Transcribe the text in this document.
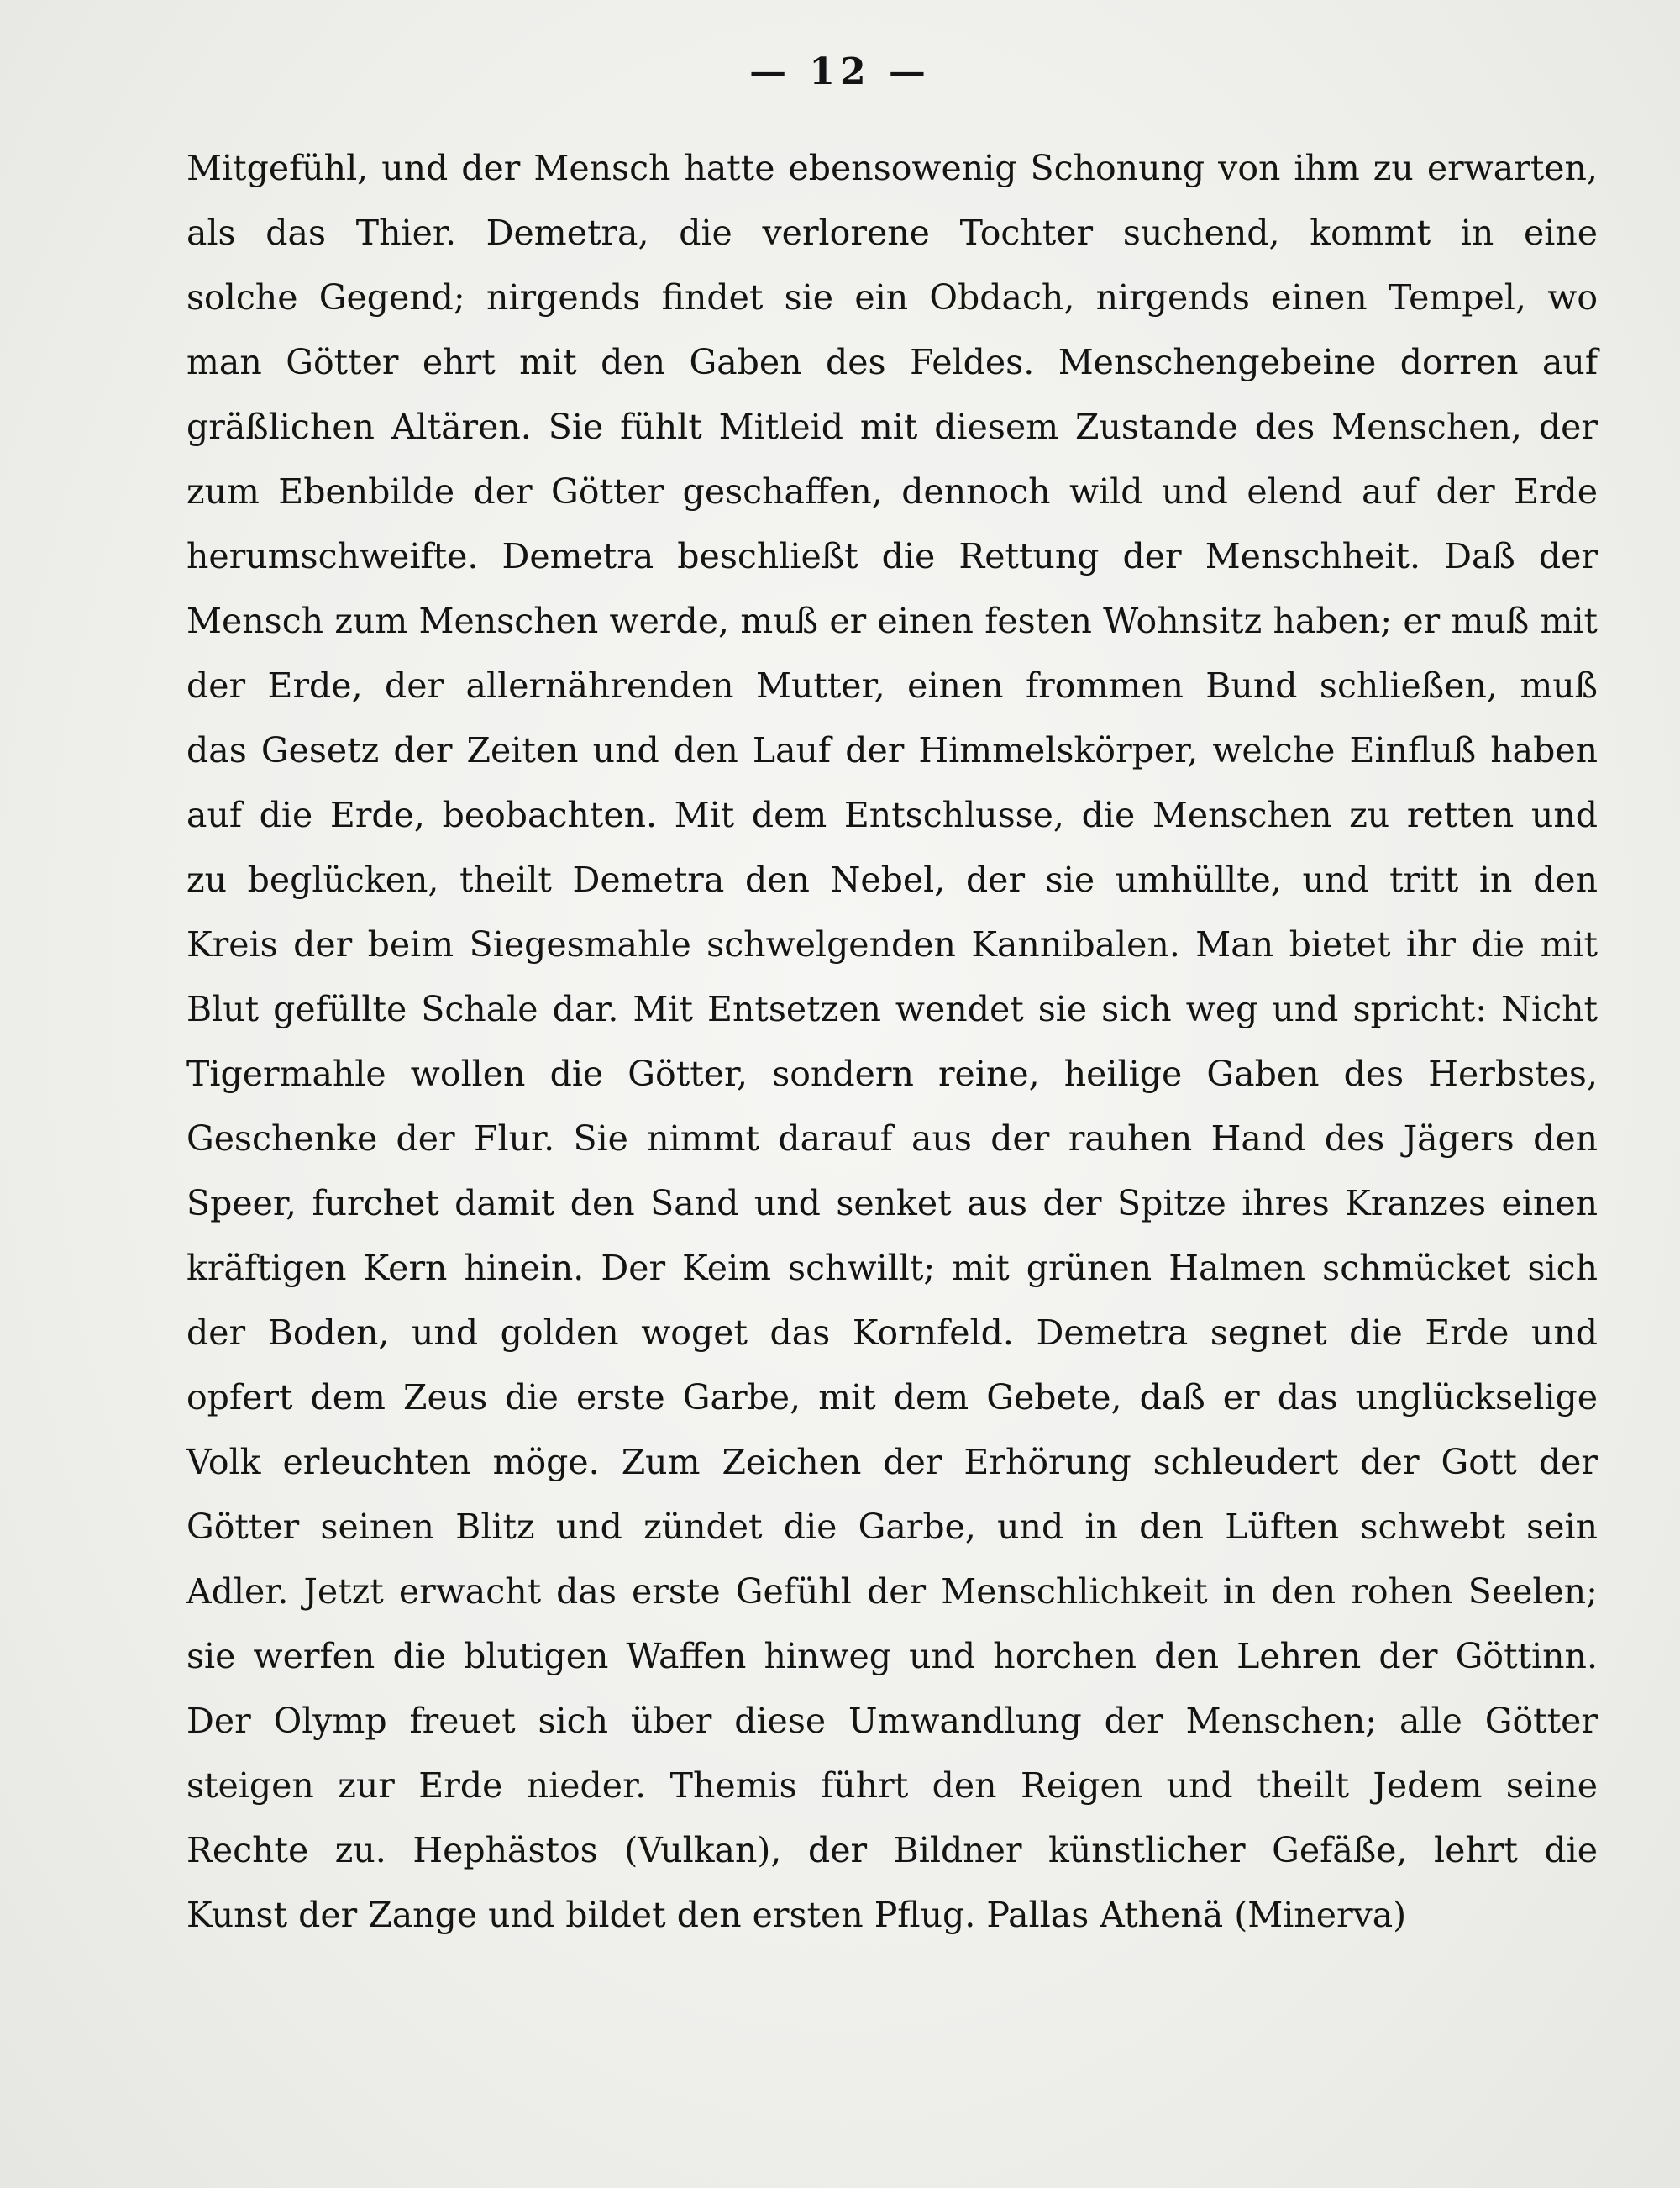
— 12 —
Mitgefühl, und der Mensch hatte ebensowenig Schonung von ihm zu erwarten,
als das Thier. Demetra, die verlorene Tochter suchend, kommt in eine
solche Gegend; nirgends findet sie ein Obdach, nirgends einen Tempel, wo
man Götter ehrt mit den Gaben des Feldes. Menschengebeine dorren auf
gräßlichen Altären. Sie fühlt Mitleid mit diesem Zustande des Menschen, der
zum Ebenbilde der Götter geschaffen, dennoch wild und elend auf der Erde
herumschweifte. Demetra beschließt die Rettung der Menschheit. Daß der
Mensch zum Menschen werde, muß er einen festen Wohnsitz haben; er muß mit
der Erde, der allernährenden Mutter, einen frommen Bund schließen, muß
das Gesetz der Zeiten und den Lauf der Himmelskörper, welche Einfluß haben
auf die Erde, beobachten. Mit dem Entschlusse, die Menschen zu retten und
zu beglücken, theilt Demetra den Nebel, der sie umhüllte, und tritt in den
Kreis der beim Siegesmahle schwelgenden Kannibalen. Man bietet ihr die mit
Blut gefüllte Schale dar. Mit Entsetzen wendet sie sich weg und spricht: Nicht
Tigermahle wollen die Götter, sondern reine, heilige Gaben des Herbstes,
Geschenke der Flur. Sie nimmt darauf aus der rauhen Hand des Jägers den
Speer, furchet damit den Sand und senket aus der Spitze ihres Kranzes einen
kräftigen Kern hinein. Der Keim schwillt; mit grünen Halmen schmücket sich
der Boden, und golden woget das Kornfeld. Demetra segnet die Erde und
opfert dem Zeus die erste Garbe, mit dem Gebete, daß er das unglückselige
Volk erleuchten möge. Zum Zeichen der Erhörung schleudert der Gott der
Götter seinen Blitz und zündet die Garbe, und in den Lüften schwebt sein
Adler. Jetzt erwacht das erste Gefühl der Menschlichkeit in den rohen Seelen;
sie werfen die blutigen Waffen hinweg und horchen den Lehren der Göttinn.
Der Olymp freuet sich über diese Umwandlung der Menschen; alle Götter
steigen zur Erde nieder. Themis führt den Reigen und theilt Jedem seine
Rechte zu. Hephästos (Vulkan), der Bildner künstlicher Gefäße, lehrt die
Kunst der Zange und bildet den ersten Pflug. Pallas Athenä (Minerva)
